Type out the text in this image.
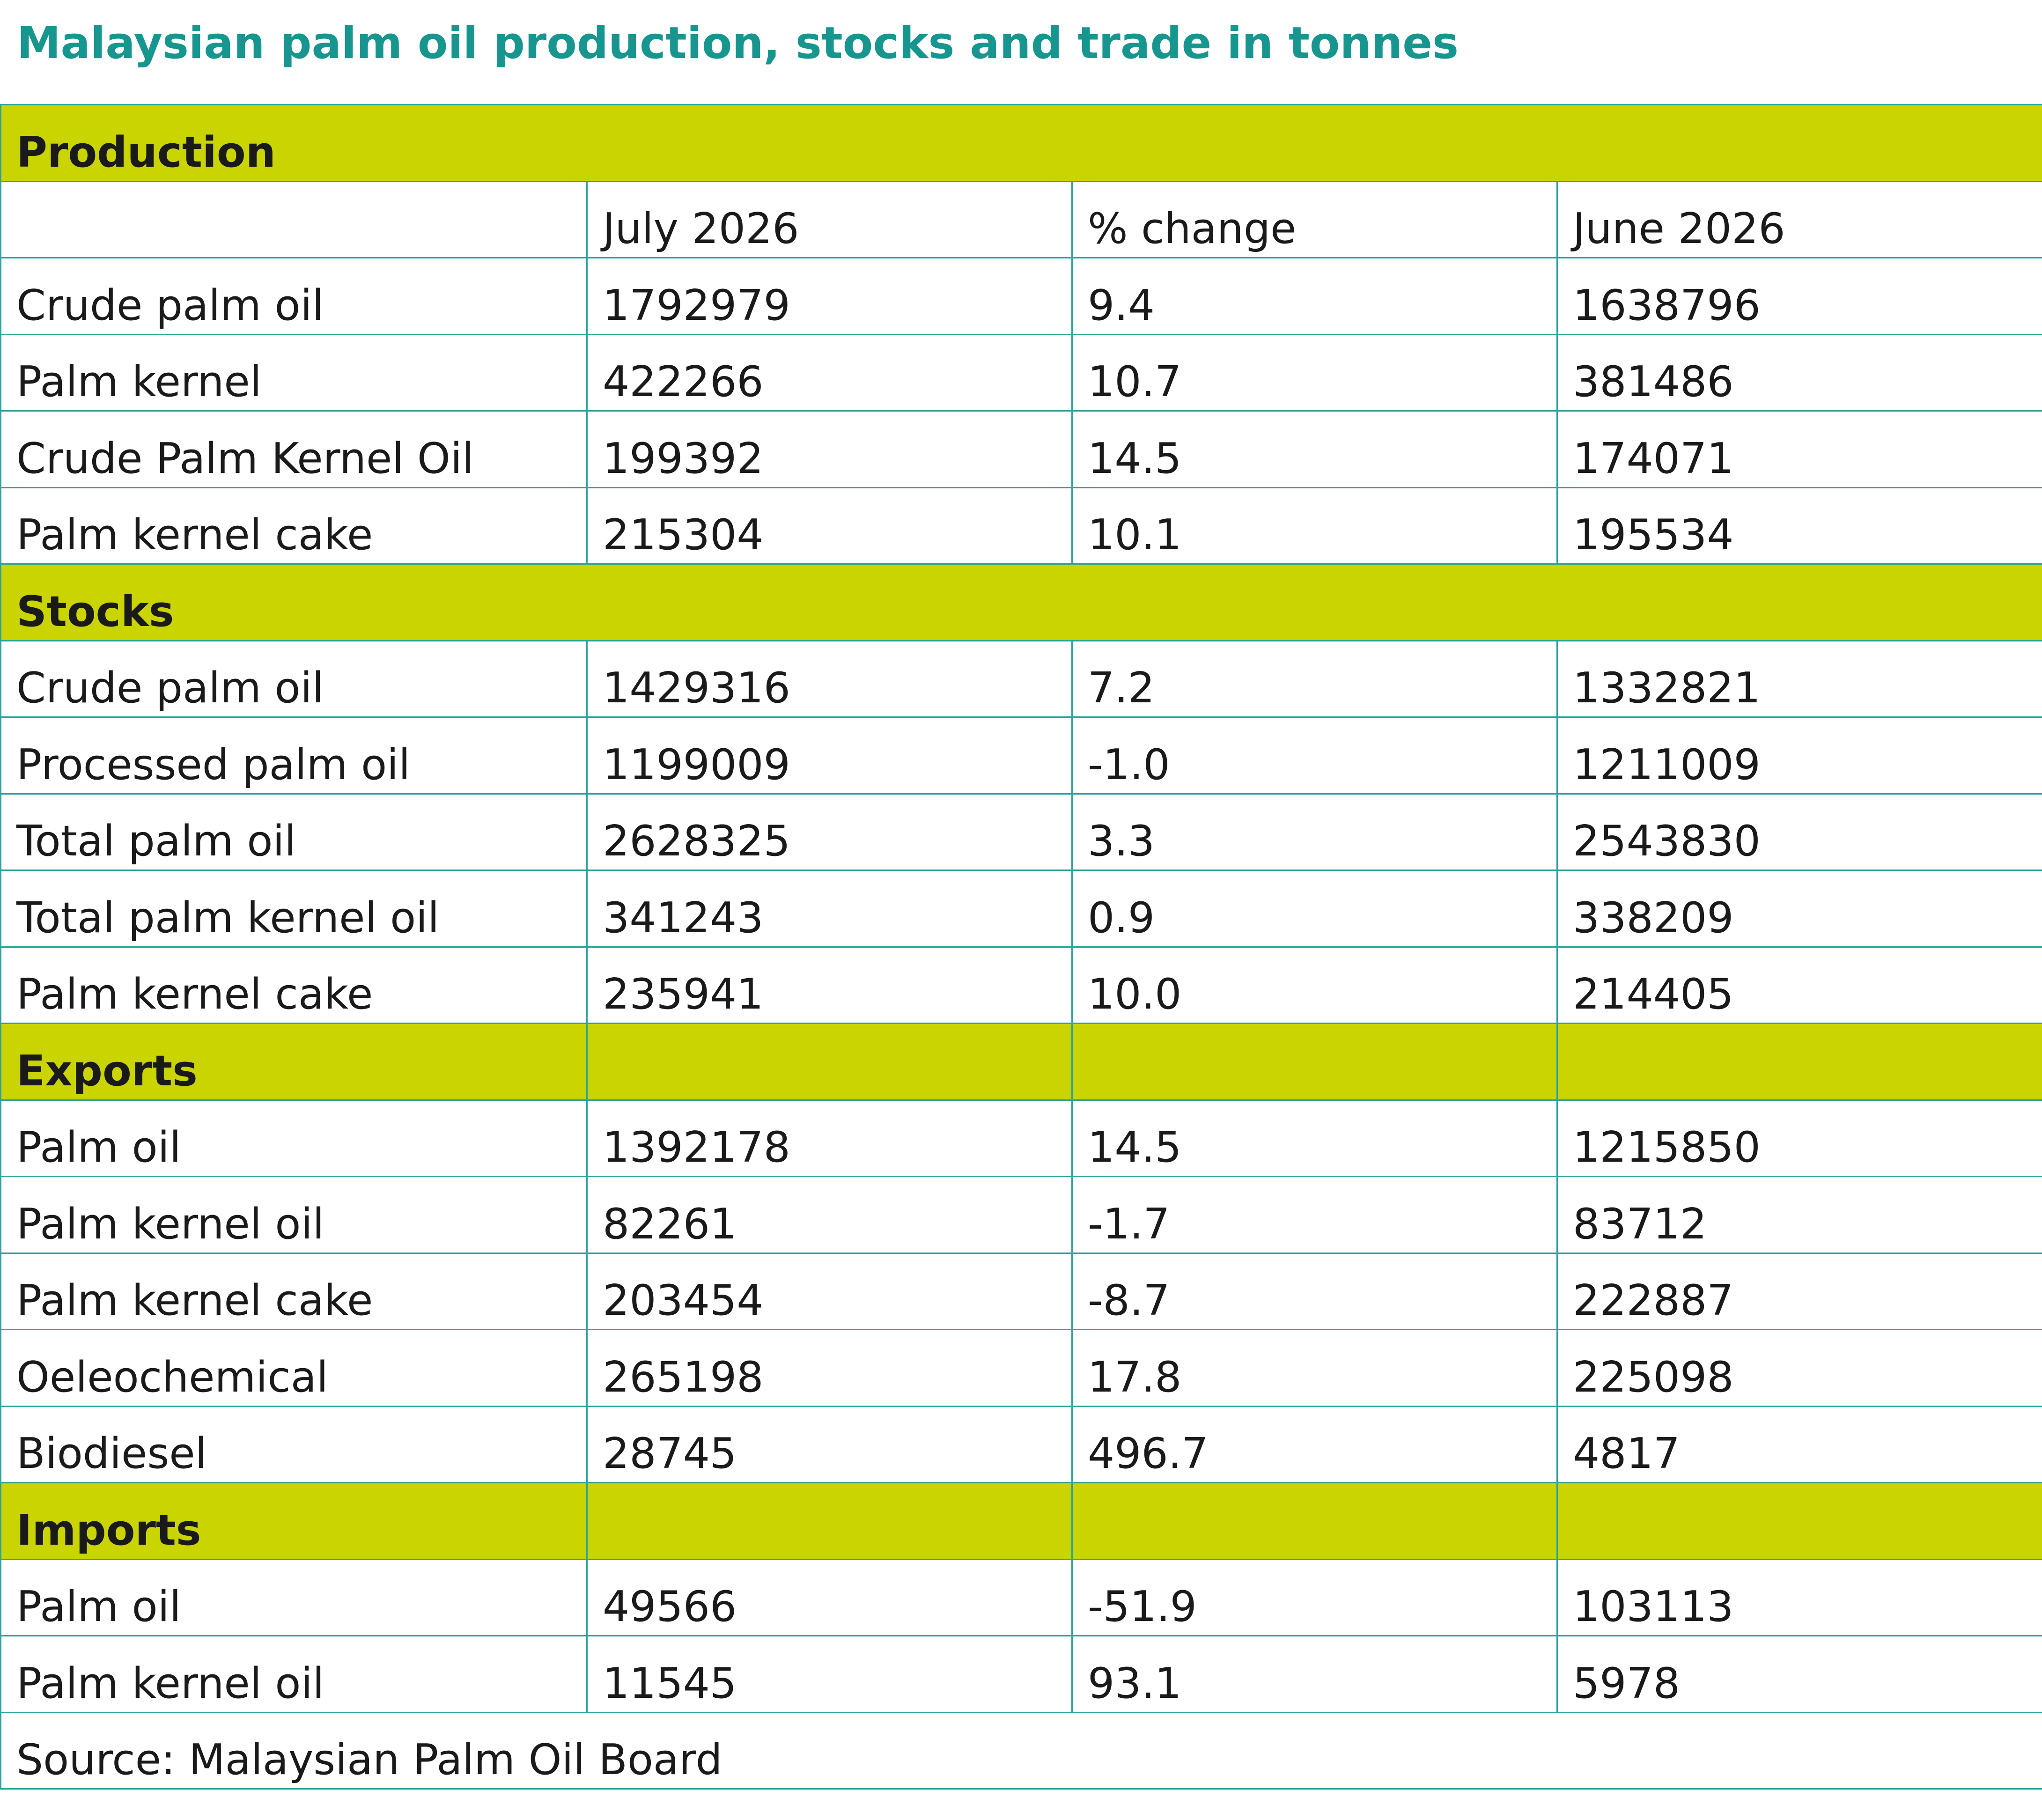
Malaysian palm oil production, stocks and trade in tonnes
Production			
	July 2026	% change	June 2026
Crude palm oil	1792979	9.4	1638796
Palm kernel	422266	10.7	381486
Crude Palm Kernel Oil	199392	14.5	174071
Palm kernel cake	215304	10.1	195534
Stocks			
Crude palm oil	1429316	7.2	1332821
Processed palm oil	1199009	-1.0	1211009
Total palm oil	2628325	3.3	2543830
Total palm kernel oil	341243	0.9	338209
Palm kernel cake	235941	10.0	214405
Exports			
Palm oil	1392178	14.5	1215850
Palm kernel oil	82261	-1.7	83712
Palm kernel cake	203454	-8.7	222887
Oeleochemical	265198	17.8	225098
Biodiesel	28745	496.7	4817
Imports			
Palm oil	49566	-51.9	103113
Palm kernel oil	11545	93.1	5978
Source: Malaysian Palm Oil Board			
